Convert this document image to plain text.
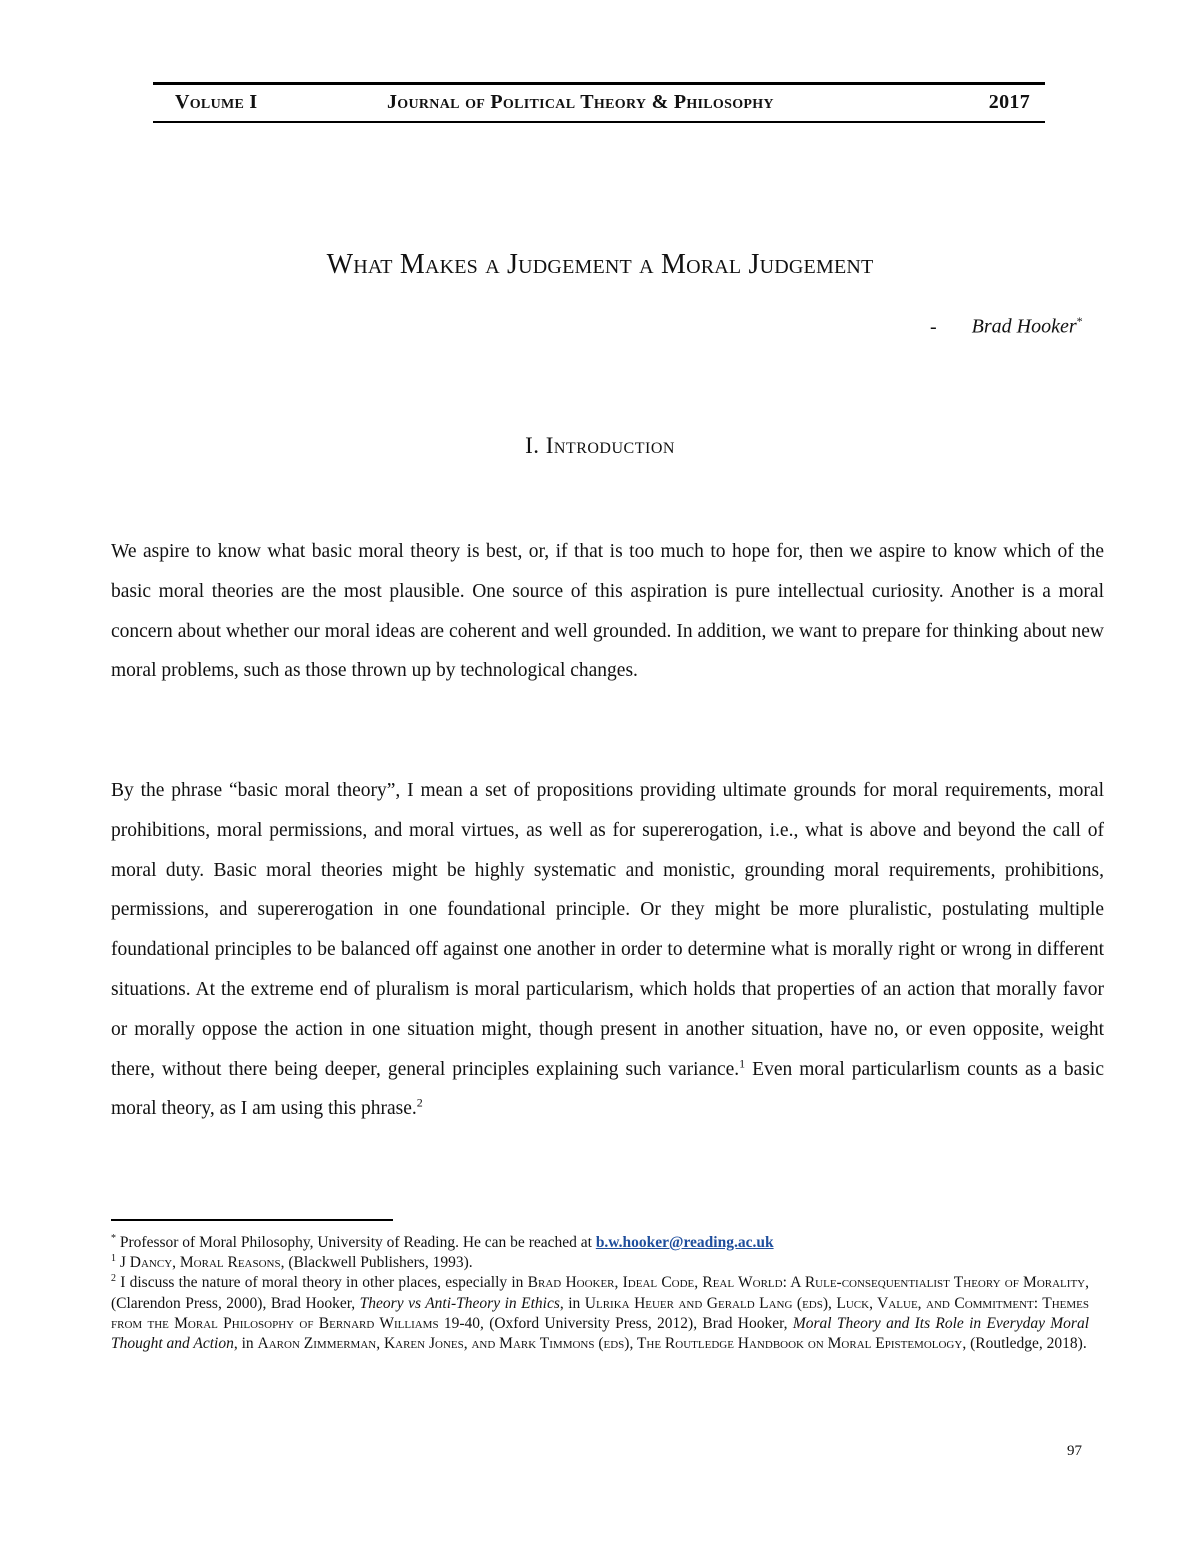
Volume I	Journal of Political Theory & Philosophy	2017
What Makes a Judgement a Moral Judgement
- Brad Hooker*
I. Introduction

We aspire to know what basic moral theory is best, or, if that is too much to hope for, then we aspire to know which of the basic moral theories are the most plausible. One source of this aspiration is pure intellectual curiosity. Another is a moral concern about whether our moral ideas are coherent and well grounded. In addition, we want to prepare for thinking about new moral problems, such as those thrown up by technological changes.

By the phrase “basic moral theory”, I mean a set of propositions providing ultimate grounds for moral requirements, moral prohibitions, moral permissions, and moral virtues, as well as for supererogation, i.e., what is above and beyond the call of moral duty. Basic moral theories might be highly systematic and monistic, grounding moral requirements, prohibitions, permissions, and supererogation in one foundational principle. Or they might be more pluralistic, postulating multiple foundational principles to be balanced off against one another in order to determine what is morally right or wrong in different situations. At the extreme end of pluralism is moral particularism, which holds that properties of an action that morally favor or morally oppose the action in one situation might, though present in another situation, have no, or even opposite, weight there, without there being deeper, general principles explaining such variance.$^1$ Even moral particularlism counts as a basic moral theory, as I am using this phrase.$^2$

* Professor of Moral Philosophy, University of Reading. He can be reached at b.w.hooker@reading.ac.uk

$^1$ J Dancy, Moral Reasons, (Blackwell Publishers, 1993).

$^2$ I discuss the nature of moral theory in other places, especially in Brad Hooker, Ideal Code, Real World: A Rule-consequentialist Theory of Morality, (Clarendon Press, 2000), Brad Hooker, Theory vs Anti-Theory in Ethics, in Ulrika Heuer and Gerald Lang (eds), Luck, Value, and Commitment: Themes from the Moral Philosophy of Bernard Williams 19-40, (Oxford University Press, 2012), Brad Hooker, Moral Theory and Its Role in Everyday Moral Thought and Action, in Aaron Zimmerman, Karen Jones, and Mark Timmons (eds), The Routledge Handbook on Moral Epistemology, (Routledge, 2018).

97
